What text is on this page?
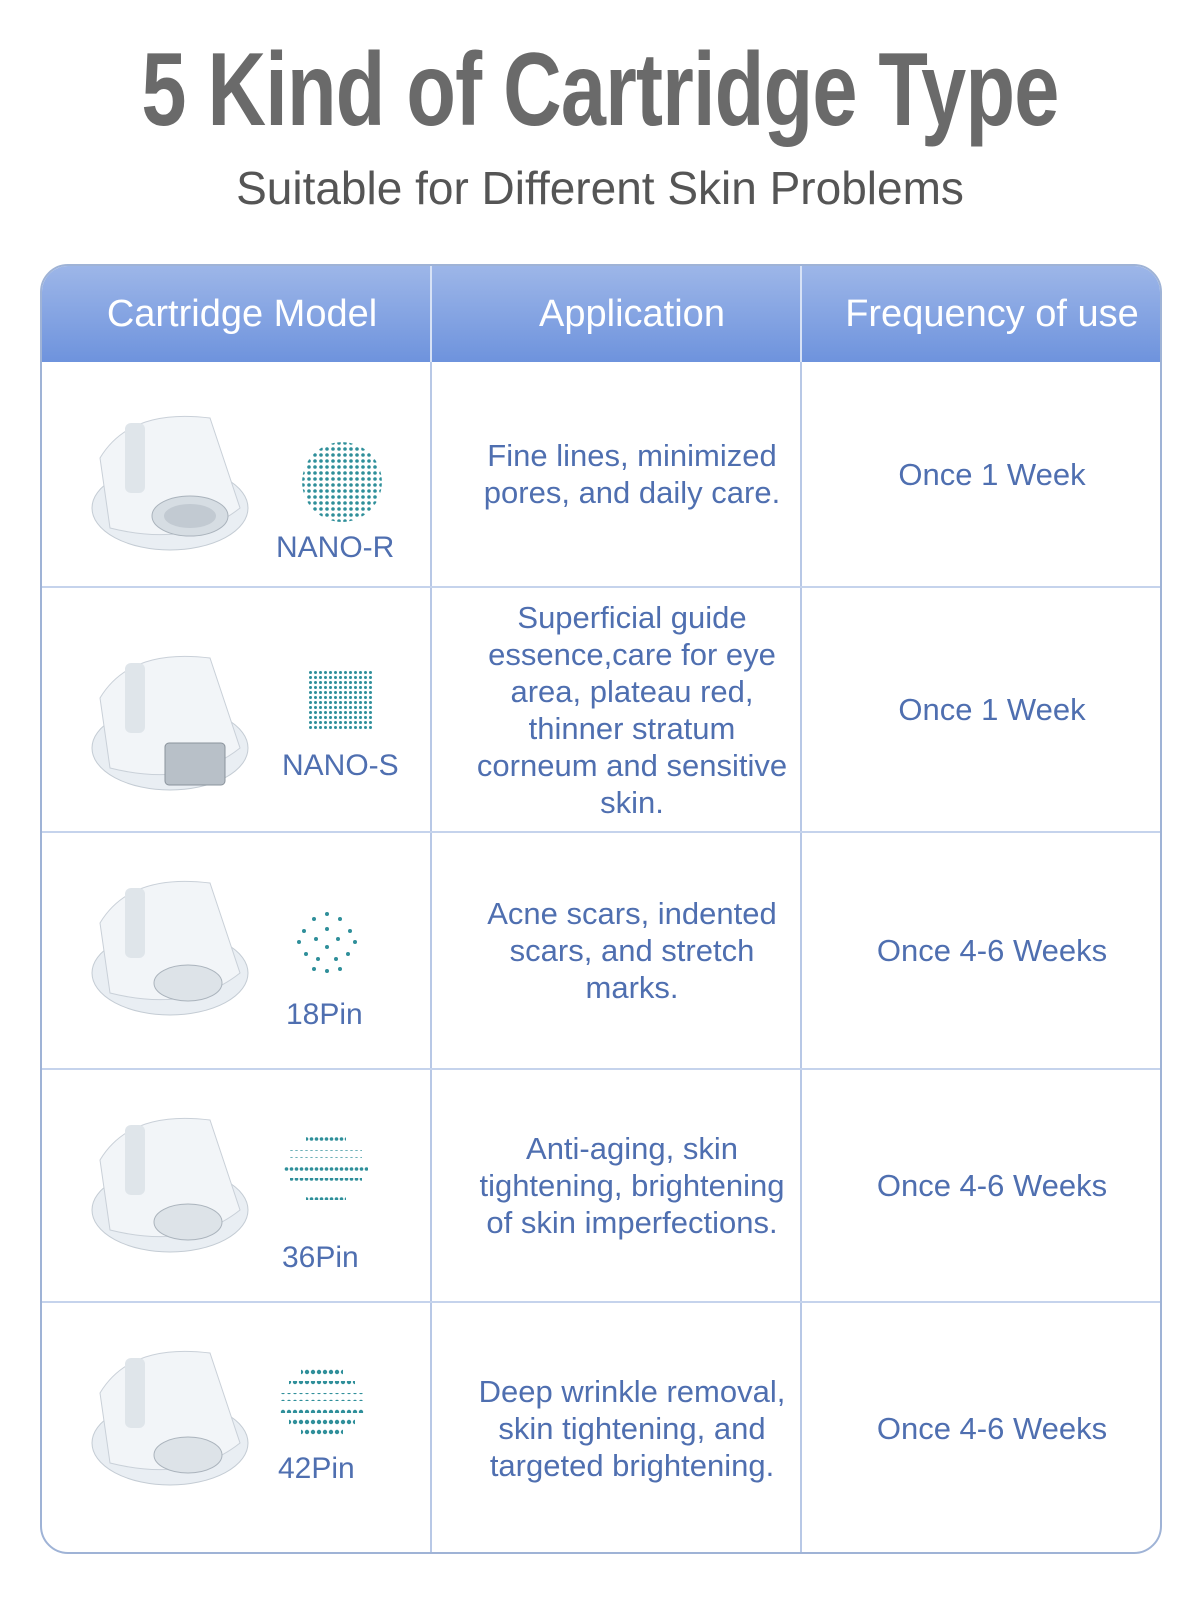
5 Kind of Cartridge Type
Suitable for Different Skin Problems
Cartridge Model	Application	Frequency of use
NANO-R
Fine lines, minimized pores, and daily care.
Once 1 Week
NANO-S
Superficial guide essence,care for eye area, plateau red, thinner stratum corneum and sensitive skin.
Once 1 Week
18Pin
Acne scars, indented scars, and stretch marks.
Once 4-6 Weeks
36Pin
Anti-aging, skin tightening, brightening of skin imperfections.
Once 4-6 Weeks
42Pin
Deep wrinkle removal, skin tightening, and targeted brightening.
Once 4-6 Weeks
